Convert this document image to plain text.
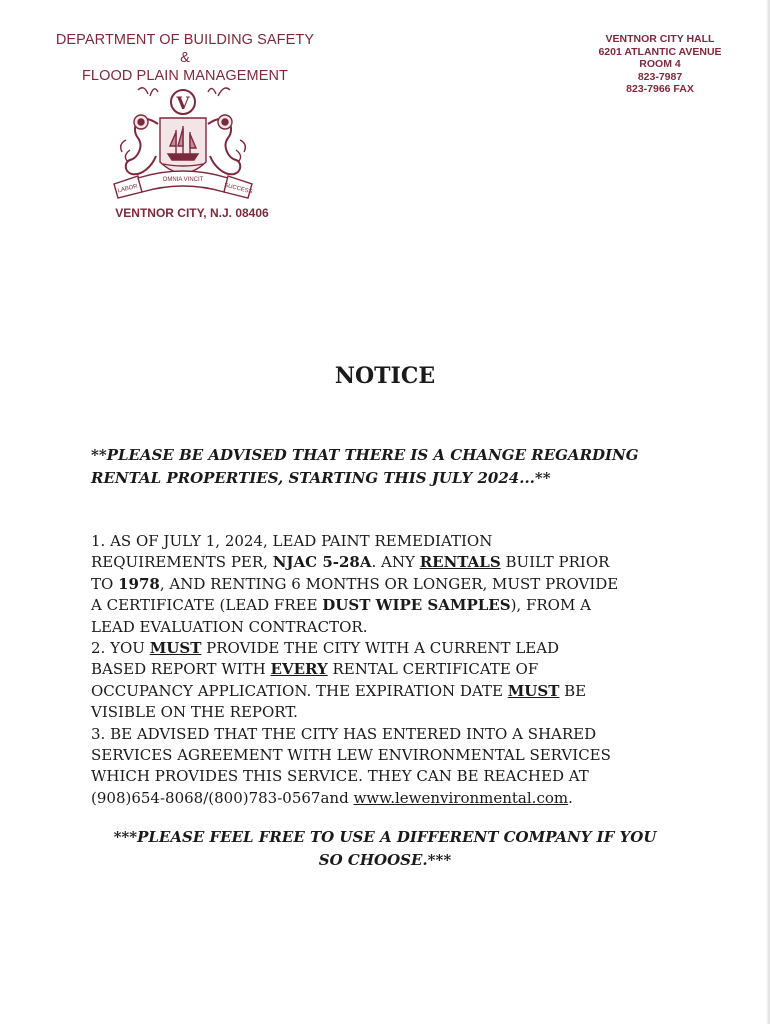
DEPARTMENT OF BUILDING SAFETY
&
FLOOD PLAIN MANAGEMENT
VENTNOR CITY HALL
6201 ATLANTIC AVENUE
ROOM 4
823-7987
823-7966 FAX
V
LABOR
OMNIA VINCIT
SUCCESS
VENTNOR CITY, N.J. 08406
NOTICE
**PLEASE BE ADVISED THAT THERE IS A CHANGE REGARDING
RENTAL PROPERTIES, STARTING THIS JULY 2024...**
1. AS OF JULY 1, 2024, LEAD PAINT REMEDIATION
REQUIREMENTS PER, NJAC 5-28A. ANY RENTALS BUILT PRIOR
TO 1978, AND RENTING 6 MONTHS OR LONGER, MUST PROVIDE
A CERTIFICATE (LEAD FREE DUST WIPE SAMPLES), FROM A
LEAD EVALUATION CONTRACTOR.
2. YOU MUST PROVIDE THE CITY WITH A CURRENT LEAD
BASED REPORT WITH EVERY RENTAL CERTIFICATE OF
OCCUPANCY APPLICATION. THE EXPIRATION DATE MUST BE
VISIBLE ON THE REPORT.
3. BE ADVISED THAT THE CITY HAS ENTERED INTO A SHARED
SERVICES AGREEMENT WITH LEW ENVIRONMENTAL SERVICES
WHICH PROVIDES THIS SERVICE. THEY CAN BE REACHED AT
(908)654-8068/(800)783-0567and www.lewenvironmental.com.
***PLEASE FEEL FREE TO USE A DIFFERENT COMPANY IF YOU
SO CHOOSE.***
